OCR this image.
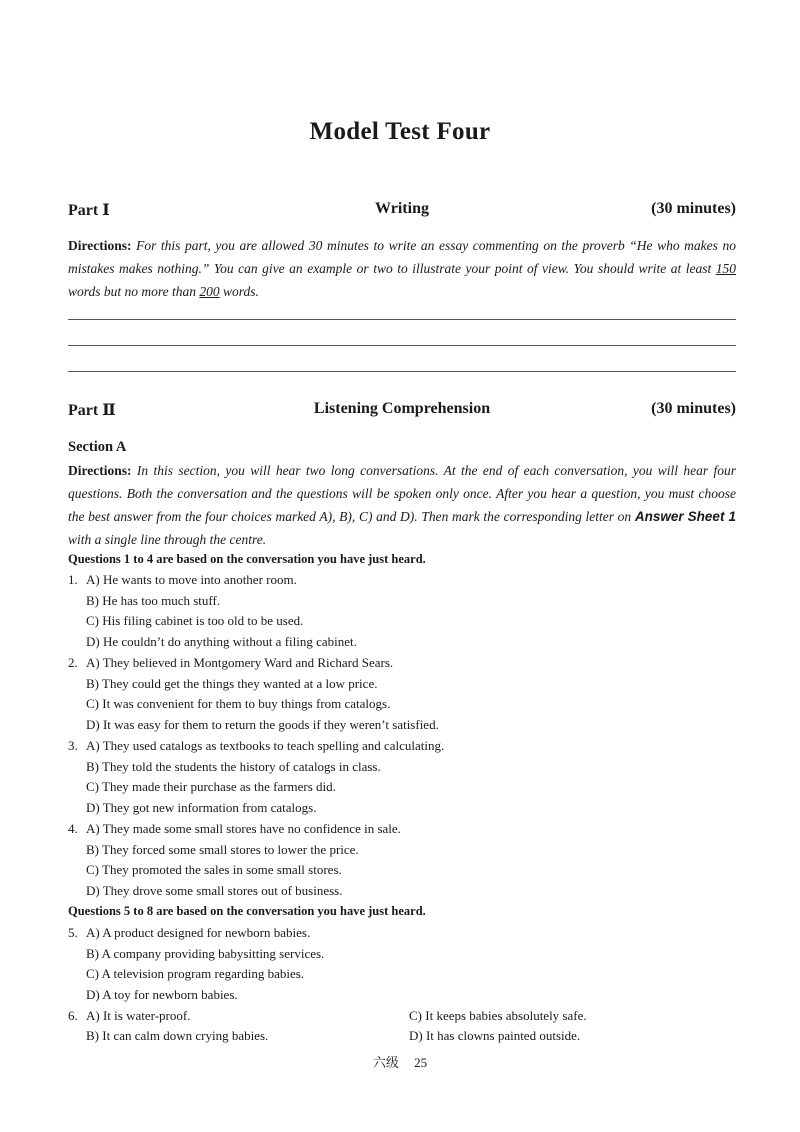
Model Test Four
Part Ⅰ	Writing	(30 minutes)
Directions: For this part, you are allowed 30 minutes to write an essay commenting on the proverb “He who makes no mistakes makes nothing.” You can give an example or two to illustrate your point of view. You should write at least 150 words but no more than 200 words.
Part Ⅱ	Listening Comprehension	(30 minutes)
Section A
Directions: In this section, you will hear two long conversations. At the end of each conversation, you will hear four questions. Both the conversation and the questions will be spoken only once. After you hear a question, you must choose the best answer from the four choices marked A), B), C) and D). Then mark the corresponding letter on Answer Sheet 1 with a single line through the centre.
Questions 1 to 4 are based on the conversation you have just heard.
1. A) He wants to move into another room.
B) He has too much stuff.
C) His filing cabinet is too old to be used.
D) He couldn’t do anything without a filing cabinet.
2. A) They believed in Montgomery Ward and Richard Sears.
B) They could get the things they wanted at a low price.
C) It was convenient for them to buy things from catalogs.
D) It was easy for them to return the goods if they weren’t satisfied.
3. A) They used catalogs as textbooks to teach spelling and calculating.
B) They told the students the history of catalogs in class.
C) They made their purchase as the farmers did.
D) They got new information from catalogs.
4. A) They made some small stores have no confidence in sale.
B) They forced some small stores to lower the price.
C) They promoted the sales in some small stores.
D) They drove some small stores out of business.
Questions 5 to 8 are based on the conversation you have just heard.
5. A) A product designed for newborn babies.
B) A company providing babysitting services.
C) A television program regarding babies.
D) A toy for newborn babies.
6. A) It is water-proof.	C) It keeps babies absolutely safe.
B) It can calm down crying babies.	D) It has clowns painted outside.
六级 25
